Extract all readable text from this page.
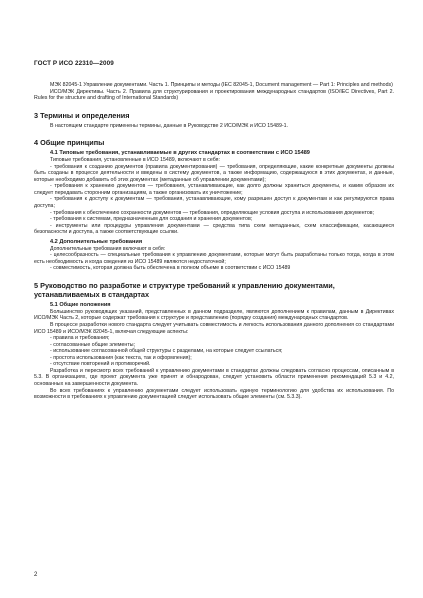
ГОСТ Р ИСО 22310—2009

МЭК 82045-1 Управление документами. Часть 1. Принципы и методы (IEC 82045-1, Document management — Part 1: Principles and methods)

ИСО/МЭК Директивы. Часть 2. Правила для структурирования и проектирования международных стандартов (ISO/IEC Directives, Part 2. Rules for the structure and drafting of International Standards)

3 Термины и определения

В настоящем стандарте применены термины, данные в Руководстве 2 ИСО/МЭК и ИСО 15489-1.

4 Общие принципы

4.1 Типовые требования, устанавливаемые в других стандартах в соответствии с ИСО 15489

Типовые требования, установленные в ИСО 15489, включают в себя:

- требования к созданию документов (правила документирования) — требования, определяющие, какие конкретные документы должны быть созданы в процессе деятельности и введены в систему документов, а также информацию, содержащуюся в этих документах, и данные, которые необходимо добавить об этих документах (метаданные об управлении документами);

- требования к хранению документов — требования, устанавливающие, как долго должны храниться документы, и каким образом их следует передавать сторонним организациям, а также организовать их уничтожение;

- требования к доступу к документам — требования, устанавливающие, кому разрешен доступ к документам и как регулируются права доступа;

- требования к обеспечению сохранности документов — требования, определяющие условия доступа и использования документов;

- требования к системам, предназначенным для создания и хранения документов;

- инструменты или процедуры управления документами — средства типа схем метаданных, схем классификации, касающиеся безопасности и доступа, а также соответствующие ссылки.

4.2 Дополнительные требования

Дополнительные требования включают в себя:

- целесообразность — специальные требования к управлению документами, которые могут быть разработаны только тогда, когда в этом есть необходимость и когда сведения из ИСО 15489 являются недостаточной;

- совместимость, которая должна быть обеспечена в полном объеме в соответствии с ИСО 15489

5 Руководство по разработке и структуре требований к управлению документами, устанавливаемых в стандартах

5.1 Общие положения

Большинство руководящих указаний, представленных в данном подразделе, являются дополнением к правилам, данным в Директивах ИСО/МЭК Часть 2, которые содержат требования к структуре и представлению (порядку создания) международных стандартов.

В процессе разработки нового стандарта следует учитывать совместимость и легкость использования данного дополнения со стандартами ИСО 15489 и ИСО/МЭК 82045-1, включая следующие аспекты:

- правила и требования;

- согласованные общие элементы;

- использование согласованной общей структуры с разделами, на которые следует ссылаться;

- простота использования (как текста, так и оформления);

- отсутствие повторений и противоречий.

Разработка и пересмотр всех требований к управлению документами в стандартах должны следовать согласно процессам, описанным в 5.3. В организациях, где проект документа уже принят и обнародован, следует установить области применения рекомендаций 5.3 и 4.2, основанных на завершенности документа.

Во всех требованиях к управлению документами следует использовать единую терминологию для удобства их использования. По возможности в требованиях к управлению документацией следует использовать общие элементы (см. 5.3.3).

2
